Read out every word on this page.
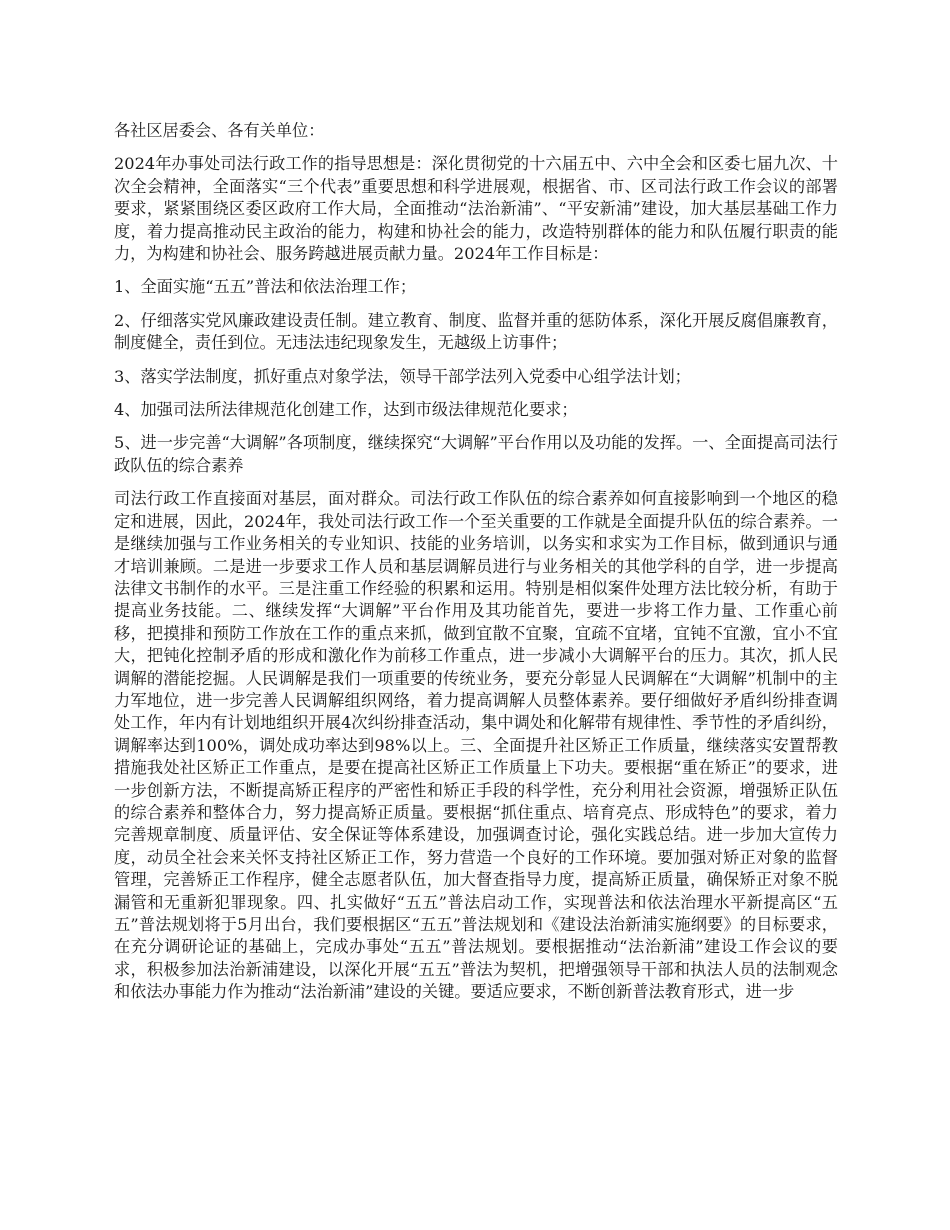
各社区居委会、各有关单位：

2024年办事处司法行政工作的指导思想是：深化贯彻党的十六届五中、六中全会和区委七届九次、十次全会精神，全面落实“三个代表”重要思想和科学进展观，根据省、市、区司法行政工作会议的部署要求，紧紧围绕区委区政府工作大局，全面推动“法治新浦”、“平安新浦”建设，加大基层基础工作力度，着力提高推动民主政治的能力，构建和协社会的能力，改造特别群体的能力和队伍履行职责的能力，为构建和协社会、服务跨越进展贡献力量。2024年工作目标是：

1、全面实施“五五”普法和依法治理工作；

2、仔细落实党风廉政建设责任制。建立教育、制度、监督并重的惩防体系，深化开展反腐倡廉教育，制度健全，责任到位。无违法违纪现象发生，无越级上访事件；

3、落实学法制度，抓好重点对象学法，领导干部学法列入党委中心组学法计划；

4、加强司法所法律规范化创建工作，达到市级法律规范化要求；

5、进一步完善“大调解”各项制度，继续探究“大调解”平台作用以及功能的发挥。一、全面提高司法行政队伍的综合素养

司法行政工作直接面对基层，面对群众。司法行政工作队伍的综合素养如何直接影响到一个地区的稳定和进展，因此，2024年，我处司法行政工作一个至关重要的工作就是全面提升队伍的综合素养。一是继续加强与工作业务相关的专业知识、技能的业务培训，以务实和求实为工作目标，做到通识与通才培训兼顾。二是进一步要求工作人员和基层调解员进行与业务相关的其他学科的自学，进一步提高法律文书制作的水平。三是注重工作经验的积累和运用。特别是相似案件处理方法比较分析，有助于提高业务技能。二、继续发挥“大调解”平台作用及其功能首先，要进一步将工作力量、工作重心前移，把摸排和预防工作放在工作的重点来抓，做到宜散不宜聚，宜疏不宜堵，宜钝不宜激，宜小不宜大，把钝化控制矛盾的形成和激化作为前移工作重点，进一步减小大调解平台的压力。其次，抓人民调解的潜能挖掘。人民调解是我们一项重要的传统业务，要充分彰显人民调解在“大调解”机制中的主力军地位，进一步完善人民调解组织网络，着力提高调解人员整体素养。要仔细做好矛盾纠纷排查调处工作，年内有计划地组织开展4次纠纷排查活动，集中调处和化解带有规律性、季节性的矛盾纠纷，调解率达到100%，调处成功率达到98%以上。三、全面提升社区矫正工作质量，继续落实安置帮教措施我处社区矫正工作重点，是要在提高社区矫正工作质量上下功夫。要根据“重在矫正”的要求，进一步创新方法，不断提高矫正程序的严密性和矫正手段的科学性，充分利用社会资源，增强矫正队伍的综合素养和整体合力，努力提高矫正质量。要根据“抓住重点、培育亮点、形成特色”的要求，着力完善规章制度、质量评估、安全保证等体系建设，加强调查讨论，强化实践总结。进一步加大宣传力度，动员全社会来关怀支持社区矫正工作，努力营造一个良好的工作环境。要加强对矫正对象的监督管理，完善矫正工作程序，健全志愿者队伍，加大督查指导力度，提高矫正质量，确保矫正对象不脱漏管和无重新犯罪现象。四、扎实做好“五五”普法启动工作，实现普法和依法治理水平新提高区“五五”普法规划将于5月出台，我们要根据区“五五”普法规划和《建设法治新浦实施纲要》的目标要求，在充分调研论证的基础上，完成办事处“五五”普法规划。要根据推动“法治新浦”建设工作会议的要求，积极参加法治新浦建设，以深化开展“五五”普法为契机，把增强领导干部和执法人员的法制观念和依法办事能力作为推动“法治新浦”建设的关键。要适应要求，不断创新普法教育形式，进一步
